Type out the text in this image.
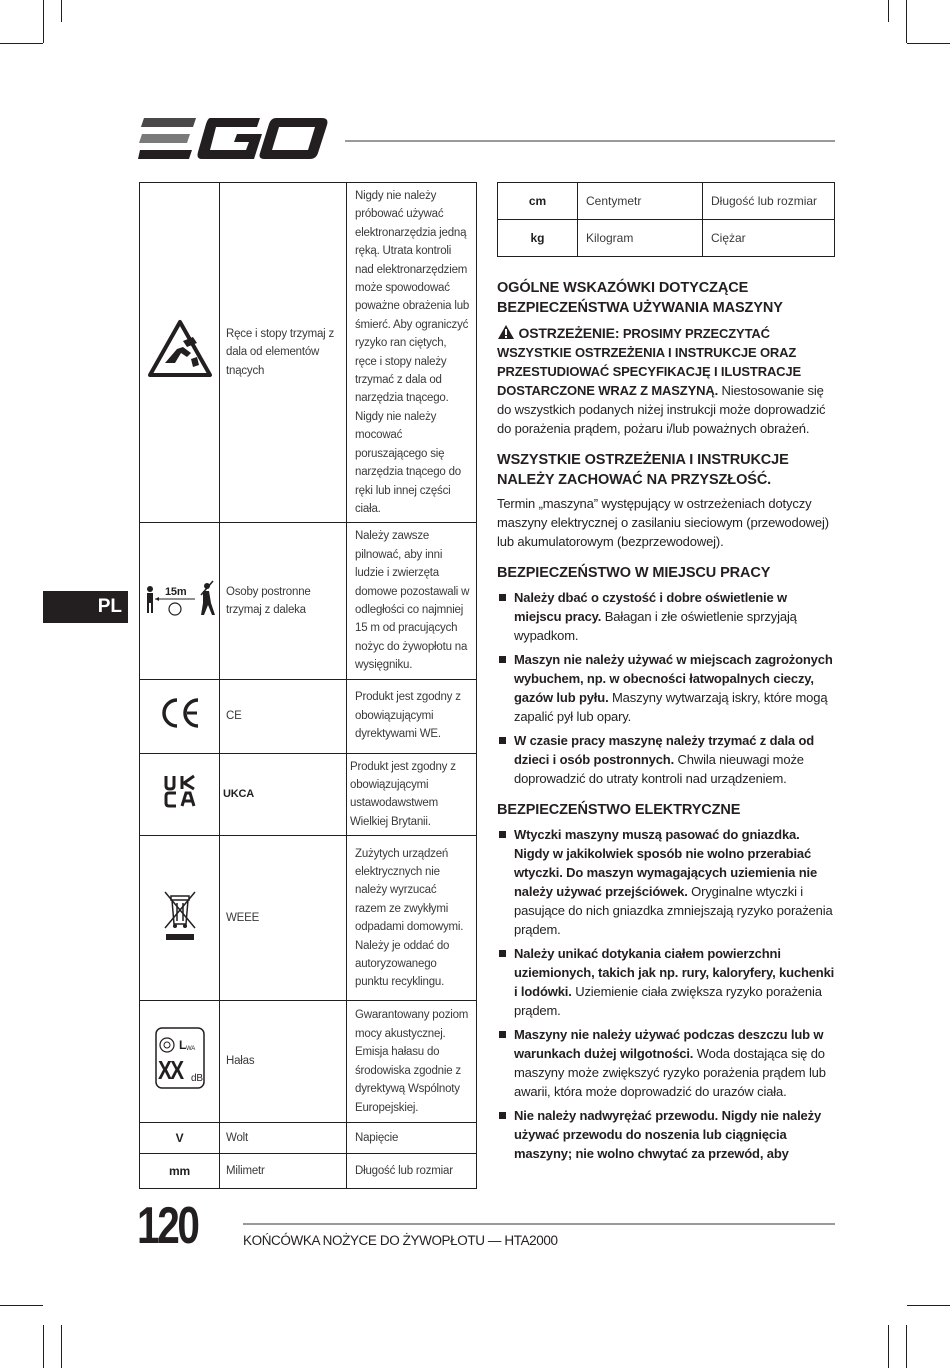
	Ręce i stopy trzymaj z dala od elementów tnących	Nigdy nie należy próbować używać elektronarzędzia jedną ręką. Utrata kontroli nad elektronarzędziem może spowodować poważne obrażenia lub śmierć. Aby ograniczyć ryzyko ran ciętych, ręce i stopy należy trzymać z dala od narzędzia tnącego. Nigdy nie należy mocować poruszającego się narzędzia tnącego do ręki lub innej części ciała.

15m	Osoby postronne trzymaj z daleka	Należy zawsze pilnować, aby inni ludzie i zwierzęta domowe pozostawali w odległości co najmniej 15 m od pracujących nożyc do żywopłotu na wysięgniku.
	CE	Produkt jest zgodny z obowiązującymi dyrektywami WE.
	UKCA	Produkt jest zgodny z obowiązującymi ustawodawstwem Wielkiej Brytanii.
	WEEE	Zużytych urządzeń elektrycznych nie należy wyrzucać razem ze zwykłymi odpadami domowymi. Należy je oddać do autoryzowanego punktu recyklingu.

L WA
XX dB	Hałas	Gwarantowany poziom mocy akustycznej. Emisja hałasu do środowiska zgodnie z dyrektywą Wspólnoty Europejskiej.
V	Wolt	Napięcie
mm	Milimetr	Długość lub rozmiar
cm	Centymetr	Długość lub rozmiar
kg	Kilogram	Ciężar
OGÓLNE WSKAZÓWKI DOTYCZĄCE BEZPIECZEŃSTWA UŻYWANIA MASZYNY

OSTRZEŻENIE: PROSIMY PRZECZYTAĆ WSZYSTKIE OSTRZEŻENIA I INSTRUKCJE ORAZ PRZESTUDIOWAĆ SPECYFIKACJĘ I ILUSTRACJE DOSTARCZONE WRAZ Z MASZYNĄ. Niestosowanie się do wszystkich podanych niżej instrukcji może doprowadzić do porażenia prądem, pożaru i/lub poważnych obrażeń.

WSZYSTKIE OSTRZEŻENIA I INSTRUKCJE NALEŻY ZACHOWAĆ NA PRZYSZŁOŚĆ.

Termin „maszyna” występujący w ostrzeżeniach dotyczy maszyny elektrycznej o zasilaniu sieciowym (przewodowej) lub akumulatorowym (bezprzewodowej).

BEZPIECZEŃSTWO W MIEJSCU PRACY
Należy dbać o czystość i dobre oświetlenie w miejscu pracy. Bałagan i złe oświetlenie sprzyjają wypadkom.
Maszyn nie należy używać w miejscach zagrożonych wybuchem, np. w obecności łatwopalnych cieczy, gazów lub pyłu. Maszyny wytwarzają iskry, które mogą zapalić pył lub opary.
W czasie pracy maszynę należy trzymać z dala od dzieci i osób postronnych. Chwila nieuwagi może doprowadzić do utraty kontroli nad urządzeniem.
BEZPIECZEŃSTWO ELEKTRYCZNE
Wtyczki maszyny muszą pasować do gniazdka. Nigdy w jakikolwiek sposób nie wolno przerabiać wtyczki. Do maszyn wymagających uziemienia nie należy używać przejściówek. Oryginalne wtyczki i pasujące do nich gniazdka zmniejszają ryzyko porażenia prądem.
Należy unikać dotykania ciałem powierzchni uziemionych, takich jak np. rury, kaloryfery, kuchenki i lodówki. Uziemienie ciała zwiększa ryzyko porażenia prądem.
Maszyny nie należy używać podczas deszczu lub w warunkach dużej wilgotności. Woda dostająca się do maszyny może zwiększyć ryzyko porażenia prądem lub awarii, która może doprowadzić do urazów ciała.
Nie należy nadwyrężać przewodu. Nigdy nie należy używać przewodu do noszenia lub ciągnięcia maszyny; nie wolno chwytać za przewód, aby
PL
120	KOŃCÓWKA NOŻYCE DO ŻYWOPŁOTU — HTA2000
